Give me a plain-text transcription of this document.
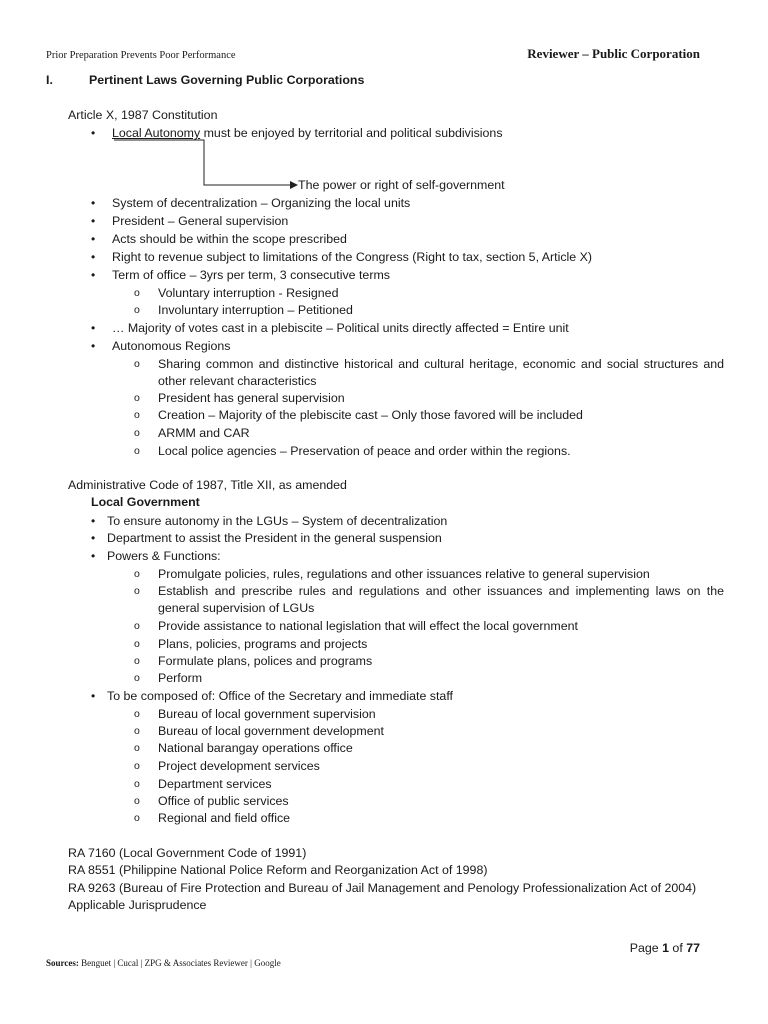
Prior Preparation Prevents Poor Performance	Reviewer – Public Corporation
I.	Pertinent Laws Governing Public Corporations
Article X, 1987 Constitution
• Local Autonomy must be enjoyed by territorial and political subdivisions
The power or right of self-government
• System of decentralization – Organizing the local units
• President – General supervision
• Acts should be within the scope prescribed
• Right to revenue subject to limitations of the Congress (Right to tax, section 5, Article X)
• Term of office – 3yrs per term, 3 consecutive terms
o Voluntary interruption - Resigned
o Involuntary interruption – Petitioned
• … Majority of votes cast in a plebiscite – Political units directly affected = Entire unit
• Autonomous Regions
o Sharing common and distinctive historical and cultural heritage, economic and social structures and other relevant characteristics
o President has general supervision
o Creation – Majority of the plebiscite cast – Only those favored will be included
o ARMM and CAR
o Local police agencies – Preservation of peace and order within the regions.
Administrative Code of 1987, Title XII, as amended
Local Government
• To ensure autonomy in the LGUs – System of decentralization
• Department to assist the President in the general suspension
• Powers & Functions:
o Promulgate policies, rules, regulations and other issuances relative to general supervision
o Establish and prescribe rules and regulations and other issuances and implementing laws on the general supervision of LGUs
o Provide assistance to national legislation that will effect the local government
o Plans, policies, programs and projects
o Formulate plans, polices and programs
o Perform
• To be composed of: Office of the Secretary and immediate staff
o Bureau of local government supervision
o Bureau of local government development
o National barangay operations office
o Project development services
o Department services
o Office of public services
o Regional and field office
RA 7160 (Local Government Code of 1991)
RA 8551 (Philippine National Police Reform and Reorganization Act of 1998)
RA 9263 (Bureau of Fire Protection and Bureau of Jail Management and Penology Professionalization Act of 2004)
Applicable Jurisprudence
Page 1 of 77
Sources: Benguet | Cucal | ZPG & Associates Reviewer | Google
